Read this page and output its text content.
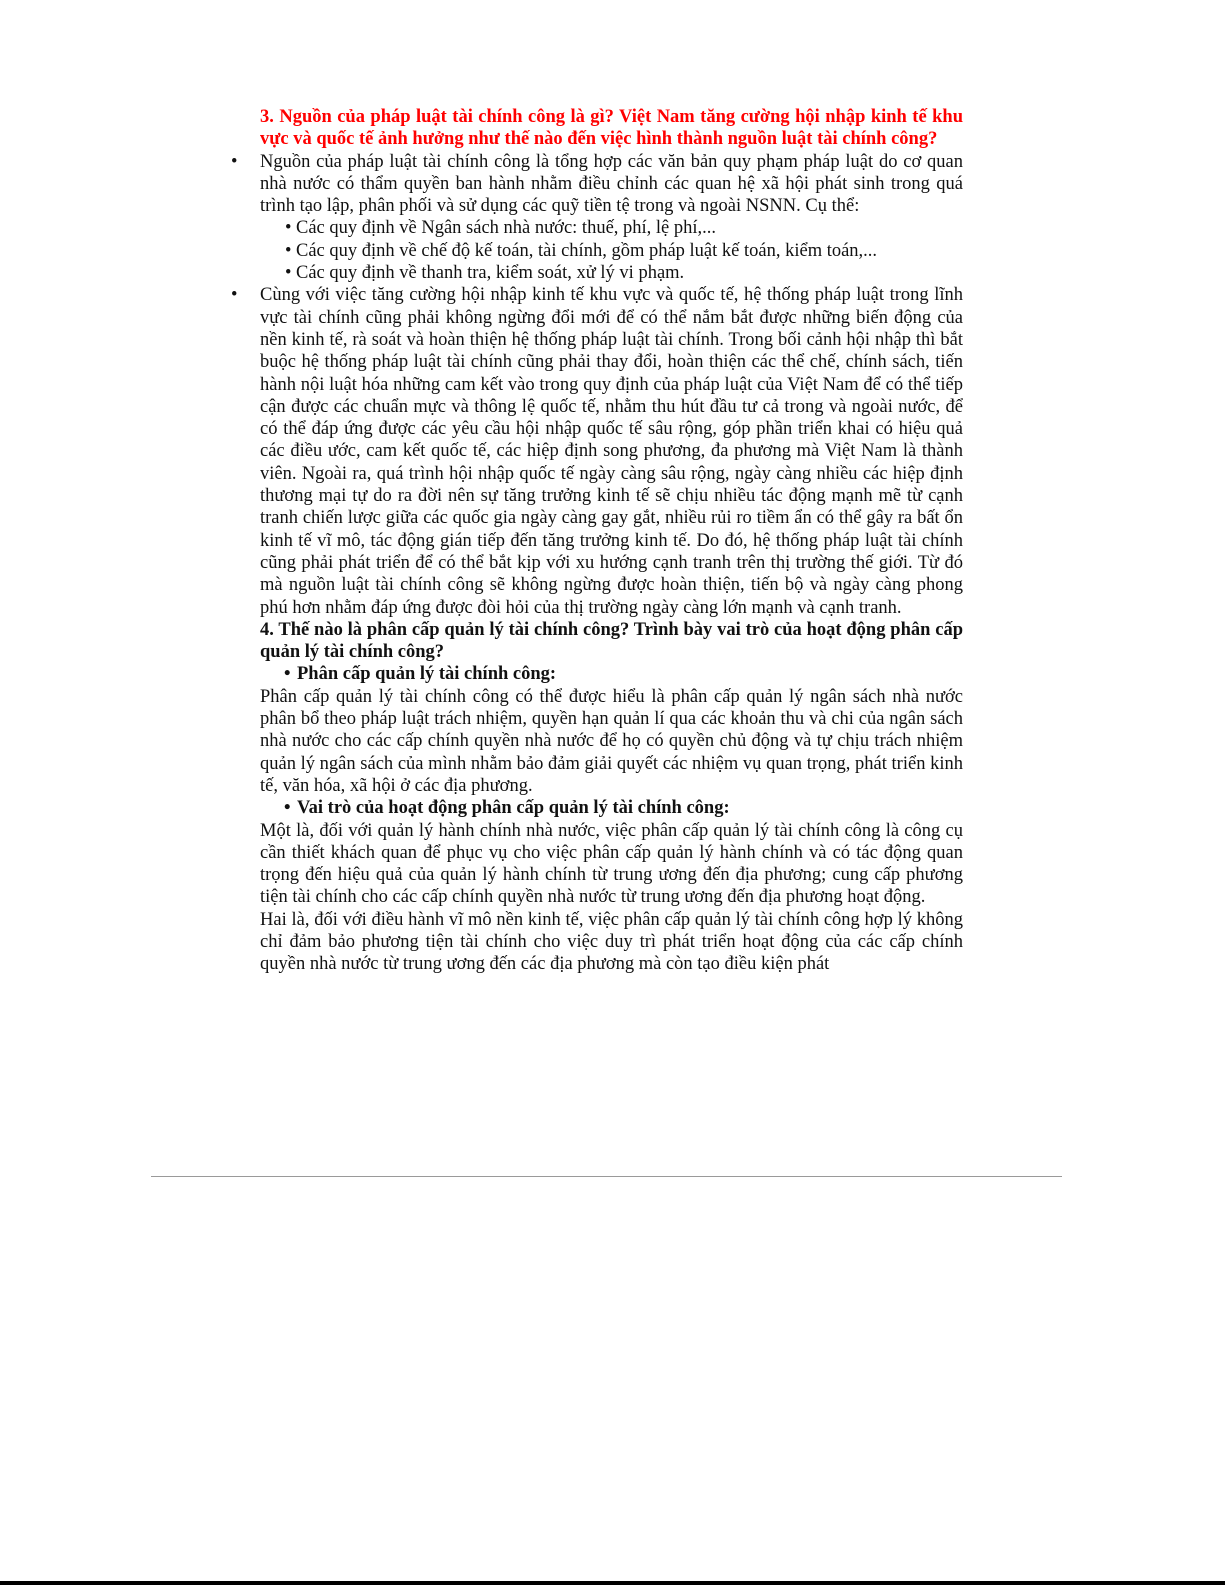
3. Nguồn của pháp luật tài chính công là gì? Việt Nam tăng cường hội nhập kinh tế khu vực và quốc tế ảnh hưởng như thế nào đến việc hình thành nguồn luật tài chính công?

• Nguồn của pháp luật tài chính công là tổng hợp các văn bản quy phạm pháp luật do cơ quan nhà nước có thẩm quyền ban hành nhằm điều chỉnh các quan hệ xã hội phát sinh trong quá trình tạo lập, phân phối và sử dụng các quỹ tiền tệ trong và ngoài NSNN. Cụ thể:

• Các quy định về Ngân sách nhà nước: thuế, phí, lệ phí,...
• Các quy định về chế độ kế toán, tài chính, gồm pháp luật kế toán, kiểm toán,...
• Các quy định về thanh tra, kiểm soát, xử lý vi phạm.

• Cùng với việc tăng cường hội nhập kinh tế khu vực và quốc tế, hệ thống pháp luật trong lĩnh vực tài chính cũng phải không ngừng đổi mới để có thể nắm bắt được những biến động của nền kinh tế, rà soát và hoàn thiện hệ thống pháp luật tài chính. Trong bối cảnh hội nhập thì bắt buộc hệ thống pháp luật tài chính cũng phải thay đổi, hoàn thiện các thể chế, chính sách, tiến hành nội luật hóa những cam kết vào trong quy định của pháp luật của Việt Nam để có thể tiếp cận được các chuẩn mực và thông lệ quốc tế, nhằm thu hút đầu tư cả trong và ngoài nước, để có thể đáp ứng được các yêu cầu hội nhập quốc tế sâu rộng, góp phần triển khai có hiệu quả các điều ước, cam kết quốc tế, các hiệp định song phương, đa phương mà Việt Nam là thành viên. Ngoài ra, quá trình hội nhập quốc tế ngày càng sâu rộng, ngày càng nhiều các hiệp định thương mại tự do ra đời nên sự tăng trưởng kinh tế sẽ chịu nhiều tác động mạnh mẽ từ cạnh tranh chiến lược giữa các quốc gia ngày càng gay gắt, nhiều rủi ro tiềm ẩn có thể gây ra bất ổn kinh tế vĩ mô, tác động gián tiếp đến tăng trưởng kinh tế. Do đó, hệ thống pháp luật tài chính cũng phải phát triển để có thể bắt kịp với xu hướng cạnh tranh trên thị trường thế giới. Từ đó mà nguồn luật tài chính công sẽ không ngừng được hoàn thiện, tiến bộ và ngày càng phong phú hơn nhằm đáp ứng được đòi hỏi của thị trường ngày càng lớn mạnh và cạnh tranh.

4. Thế nào là phân cấp quản lý tài chính công? Trình bày vai trò của hoạt động phân cấp quản lý tài chính công?

• Phân cấp quản lý tài chính công:

Phân cấp quản lý tài chính công có thể được hiểu là phân cấp quản lý ngân sách nhà nước phân bổ theo pháp luật trách nhiệm, quyền hạn quản lí qua các khoản thu và chi của ngân sách nhà nước cho các cấp chính quyền nhà nước để họ có quyền chủ động và tự chịu trách nhiệm quản lý ngân sách của mình nhằm bảo đảm giải quyết các nhiệm vụ quan trọng, phát triển kinh tế, văn hóa, xã hội ở các địa phương.

• Vai trò của hoạt động phân cấp quản lý tài chính công:

Một là, đối với quản lý hành chính nhà nước, việc phân cấp quản lý tài chính công là công cụ cần thiết khách quan để phục vụ cho việc phân cấp quản lý hành chính và có tác động quan trọng đến hiệu quả của quản lý hành chính từ trung ương đến địa phương; cung cấp phương tiện tài chính cho các cấp chính quyền nhà nước từ trung ương đến địa phương hoạt động.

Hai là, đối với điều hành vĩ mô nền kinh tế, việc phân cấp quản lý tài chính công hợp lý không chỉ đảm bảo phương tiện tài chính cho việc duy trì phát triển hoạt động của các cấp chính quyền nhà nước từ trung ương đến các địa phương mà còn tạo điều kiện phát
